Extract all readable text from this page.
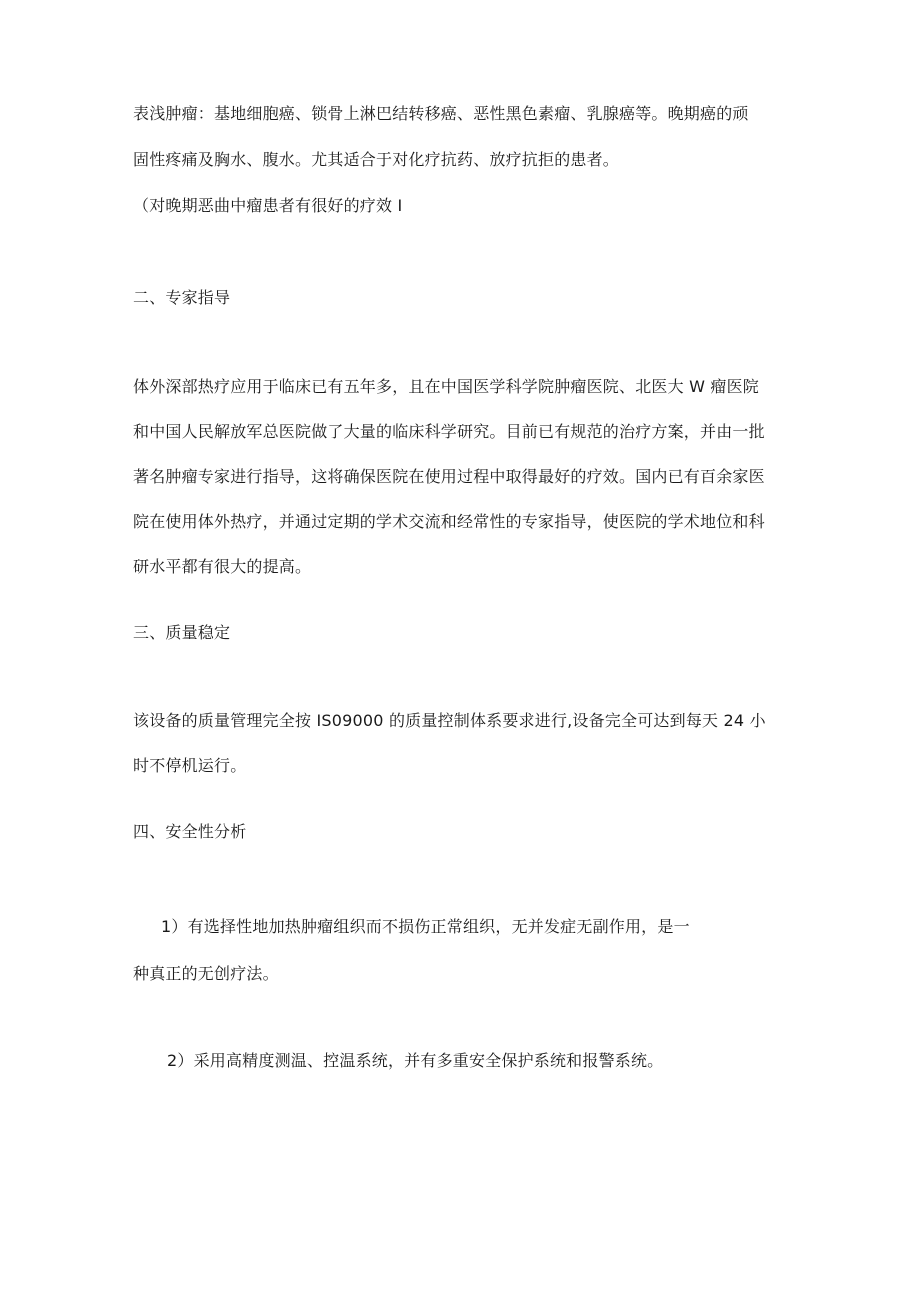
表浅肿瘤：基地细胞癌、锁骨上淋巴结转移癌、恶性黑色素瘤、乳腺癌等。晚期癌的顽
固性疼痛及胸水、腹水。尤其适合于对化疗抗药、放疗抗拒的患者。
（对晚期恶曲中瘤患者有很好的疗效 I
二、专家指导
体外深部热疗应用于临床已有五年多，且在中国医学科学院肿瘤医院、北医大 W 瘤医院
和中国人民解放军总医院做了大量的临床科学研究。目前已有规范的治疗方案，并由一批
著名肿瘤专家进行指导，这将确保医院在使用过程中取得最好的疗效。国内已有百余家医
院在使用体外热疗，并通过定期的学术交流和经常性的专家指导，使医院的学术地位和科
研水平都有很大的提高。
三、质量稳定
该设备的质量管理完全按 IS09000 的质量控制体系要求进行,设备完全可达到每天 24 小
时不停机运行。
四、安全性分析
1）有选择性地加热肿瘤组织而不损伤正常组织，无并发症无副作用，是一
种真正的无创疗法。
2）采用高精度测温、控温系统，并有多重安全保护系统和报警系统。
